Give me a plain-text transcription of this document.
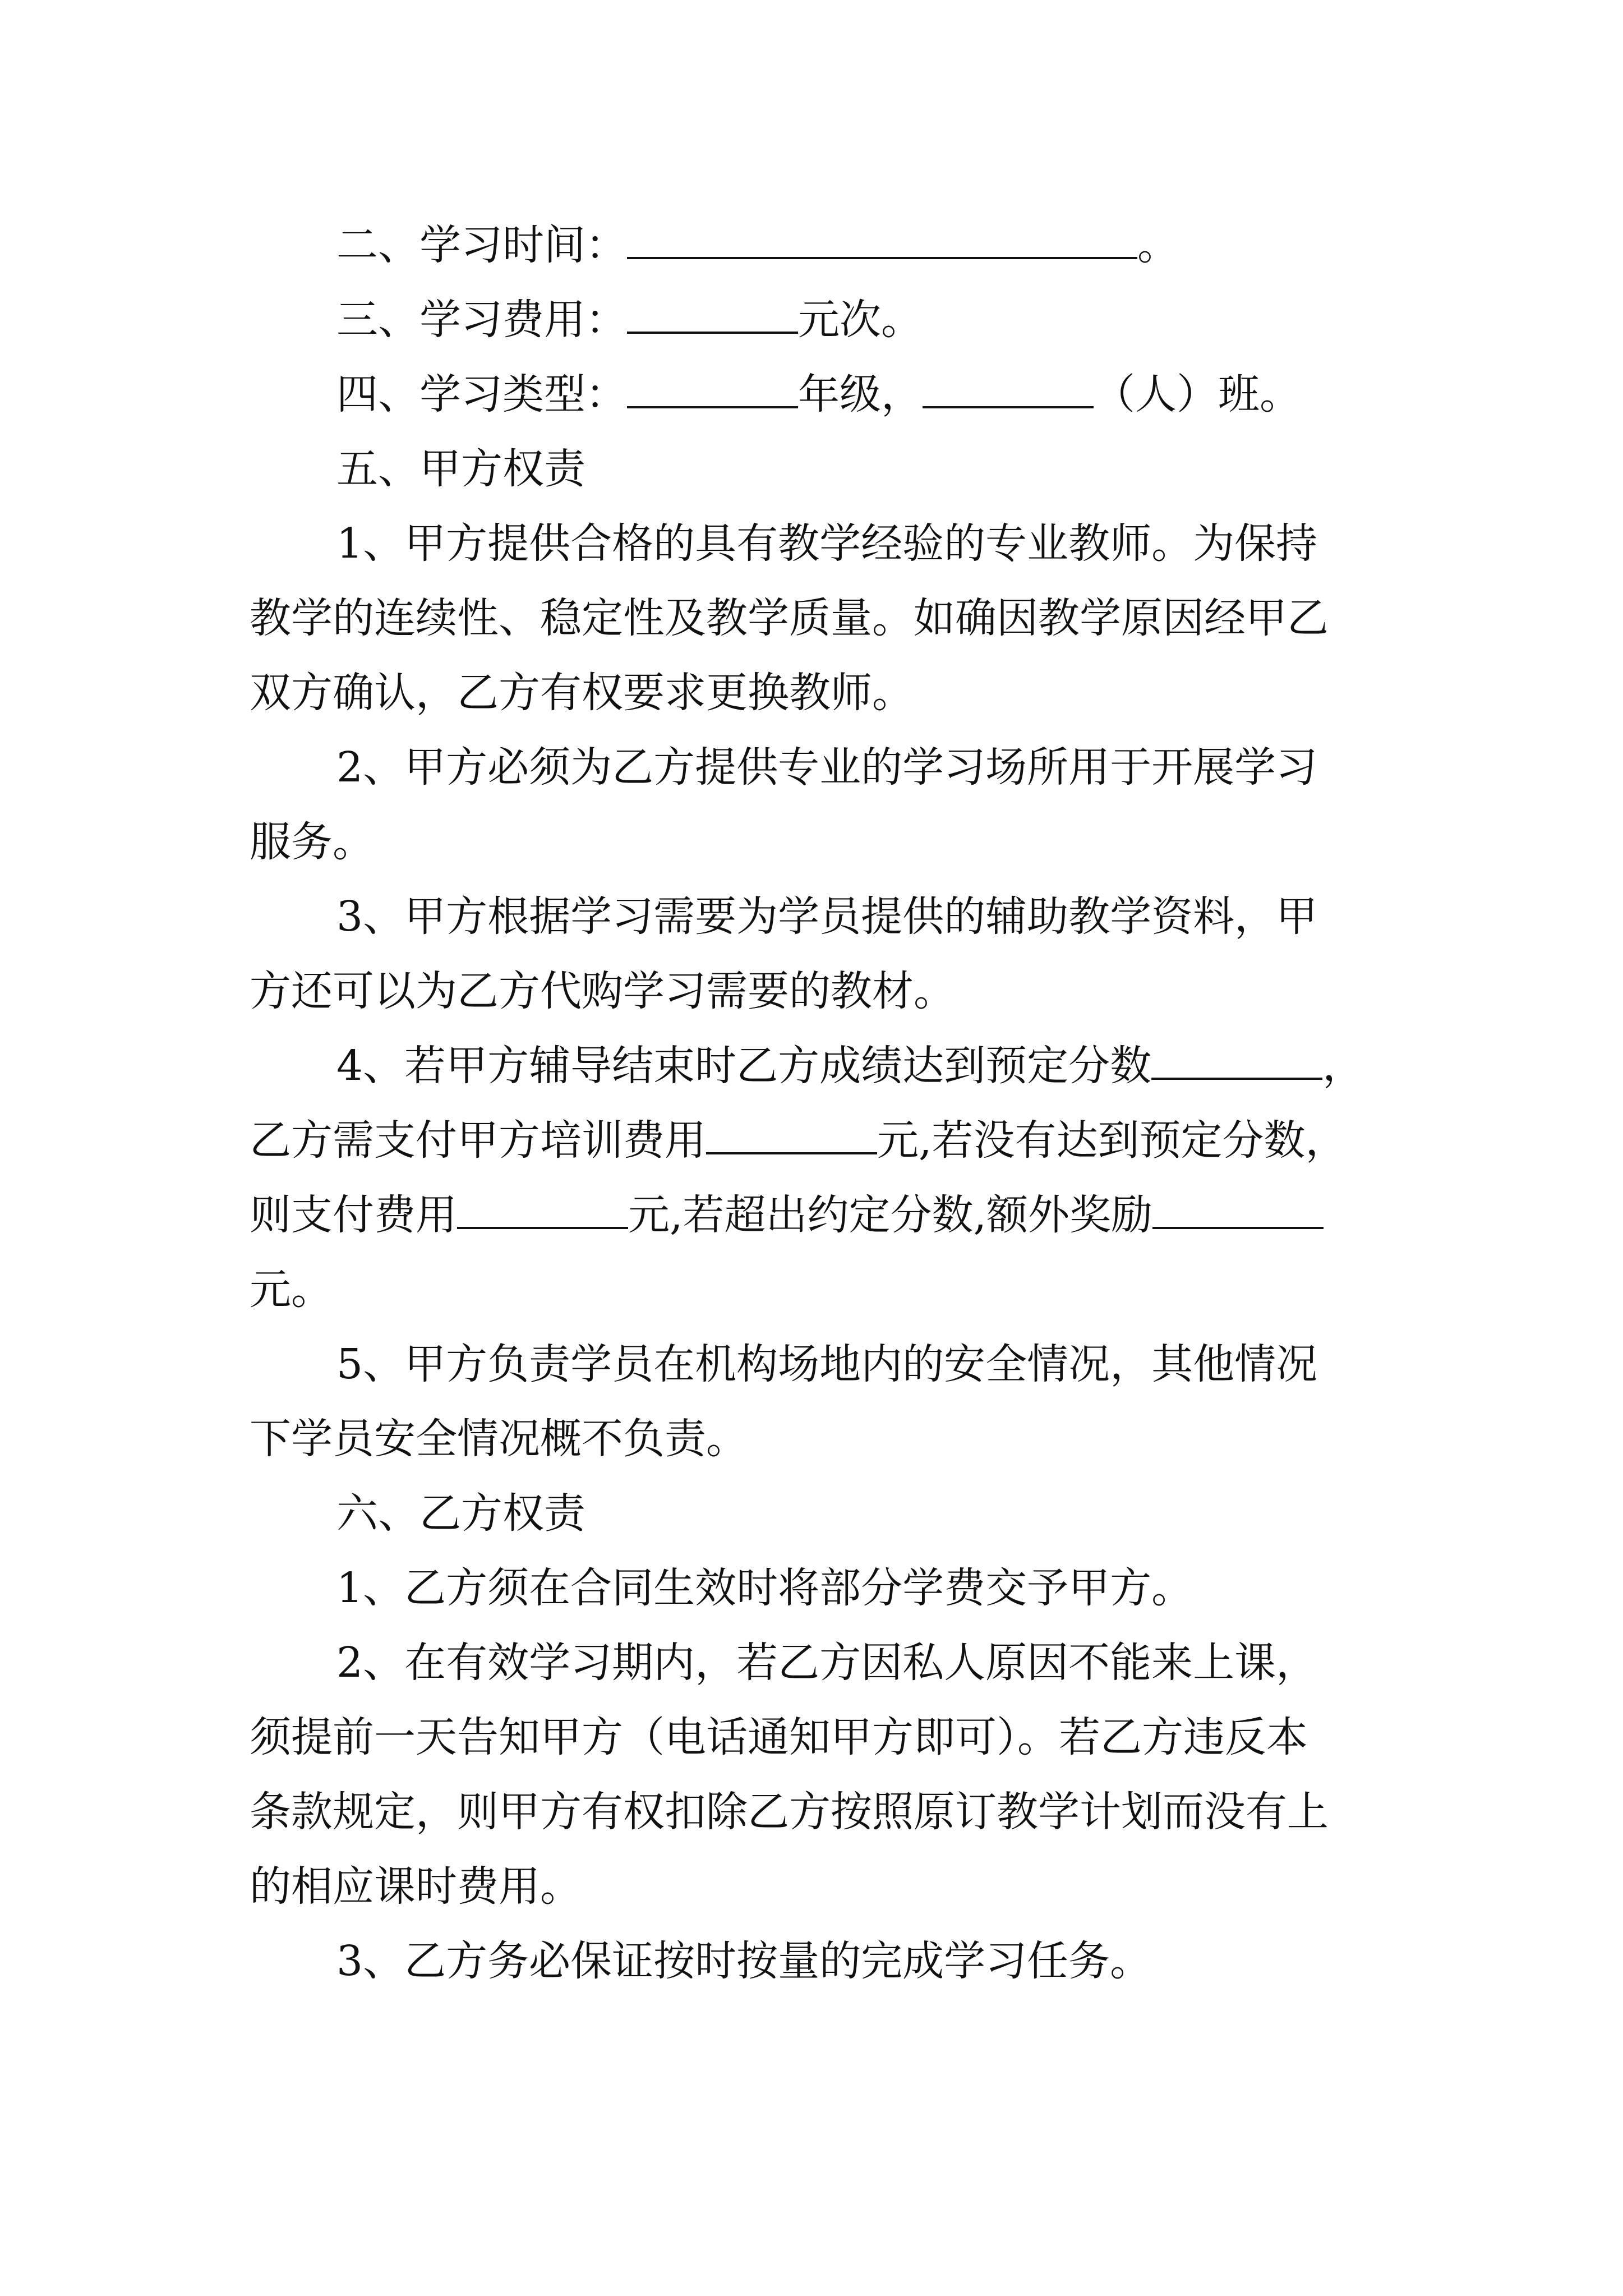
二、学习时间：	。
三、学习费用：	元次。
四、学习类型：	年级，	（人）班。
五、甲方权责
1、甲方提供合格的具有教学经验的专业教师。为保持
教学的连续性、稳定性及教学质量。如确因教学原因经甲乙
双方确认，乙方有权要求更换教师。
2、甲方必须为乙方提供专业的学习场所用于开展学习
服务。
3、甲方根据学习需要为学员提供的辅助教学资料，甲
方还可以为乙方代购学习需要的教材。
4、若甲方辅导结束时乙方成绩达到预定分数	，
乙方需支付甲方培训费用	元,若没有达到预定分数，
则支付费用	元,若超出约定分数,额外奖励
元。
5、甲方负责学员在机构场地内的安全情况，其他情况
下学员安全情况概不负责。
六、乙方权责
1、乙方须在合同生效时将部分学费交予甲方。
2、在有效学习期内，若乙方因私人原因不能来上课，
须提前一天告知甲方（电话通知甲方即可）。若乙方违反本
条款规定，则甲方有权扣除乙方按照原订教学计划而没有上
的相应课时费用。
3、乙方务必保证按时按量的完成学习任务。
